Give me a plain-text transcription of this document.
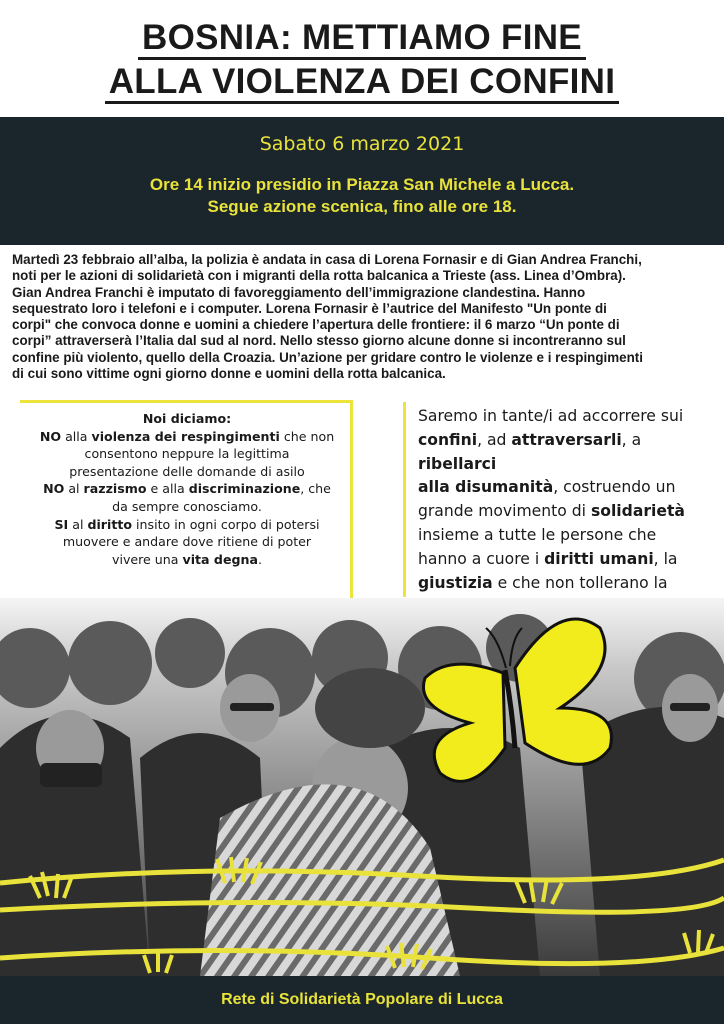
BOSNIA: METTIAMO FINE
ALLA VIOLENZA DEI CONFINI
Sabato 6 marzo 2021
Ore 14 inizio presidio in Piazza San Michele a Lucca.
Segue azione scenica, fino alle ore 18.
Martedì 23 febbraio all’alba, la polizia è andata in casa di Lorena Fornasir e di Gian Andrea Franchi,
noti per le azioni di solidarietà con i migranti della rotta balcanica a Trieste (ass. Linea d’Ombra).
Gian Andrea Franchi è imputato di favoreggiamento dell’immigrazione clandestina. Hanno
sequestrato loro i telefoni e i computer. Lorena Fornasir è l’autrice del Manifesto "Un ponte di
corpi" che convoca donne e uomini a chiedere l’apertura delle frontiere: il 6 marzo “Un ponte di
corpi” attraverserà l’Italia dal sud al nord. Nello stesso giorno alcune donne si incontreranno sul
confine più violento, quello della Croazia. Un’azione per gridare contro le violenze e i respingimenti
di cui sono vittime ogni giorno donne e uomini della rotta balcanica.
Noi diciamo:
NO alla violenza dei respingimenti che non
consentono neppure la legittima
presentazione delle domande di asilo
NO al razzismo e alla discriminazione, che
da sempre conosciamo.
SI al diritto insito in ogni corpo di potersi
muovere e andare dove ritiene di poter
vivere una vita degna.
Saremo in tante/i ad accorrere sui
confini, ad attraversarli, a ribellarci
alla disumanità, costruendo un
grande movimento di solidarietà
insieme a tutte le persone che
hanno a cuore i diritti umani, la
giustizia e che non tollerano la
Rete di Solidarietà Popolare di Lucca
